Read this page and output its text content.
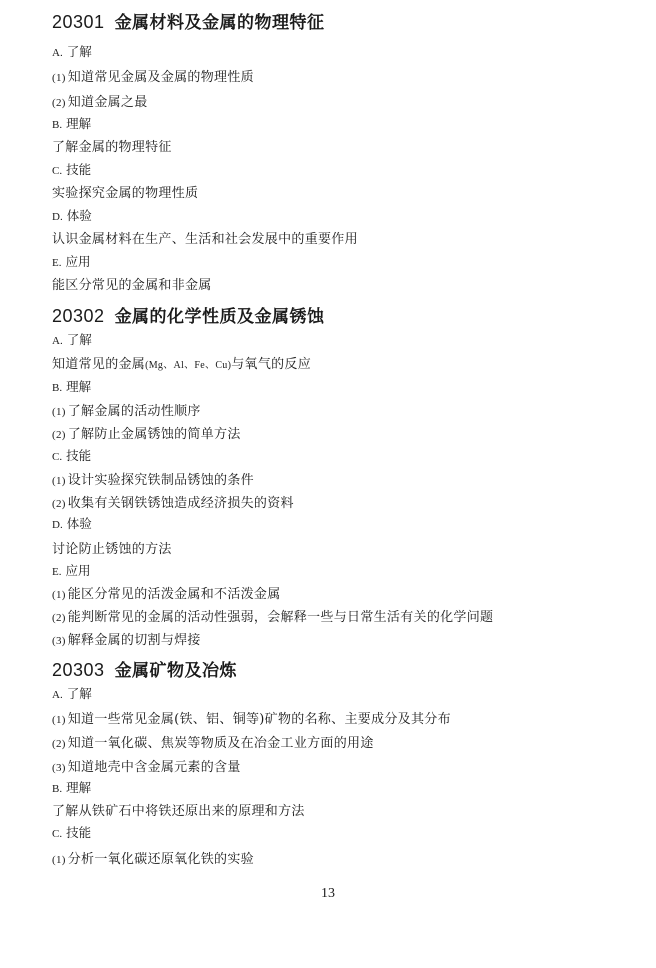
20301 金属材料及金属的物理特征
A. 了解
(1) 知道常见金属及金属的物理性质
(2) 知道金属之最
B. 理解
了解金属的物理特征
C. 技能
实验探究金属的物理性质
D. 体验
认识金属材料在生产、生活和社会发展中的重要作用
E. 应用
能区分常见的金属和非金属
20302 金属的化学性质及金属锈蚀
A. 了解
知道常见的金属(Mg、Al、Fe、Cu)与氧气的反应
B. 理解
(1) 了解金属的活动性顺序
(2) 了解防止金属锈蚀的简单方法
C. 技能
(1) 设计实验探究铁制品锈蚀的条件
(2) 收集有关钢铁锈蚀造成经济损失的资料
D. 体验
讨论防止锈蚀的方法
E. 应用
(1) 能区分常见的活泼金属和不活泼金属
(2) 能判断常见的金属的活动性强弱，会解释一些与日常生活有关的化学问题
(3) 解释金属的切割与焊接
20303 金属矿物及冶炼
A. 了解
(1) 知道一些常见金属(铁、铝、铜等)矿物的名称、主要成分及其分布
(2) 知道一氧化碳、焦炭等物质及在冶金工业方面的用途
(3) 知道地壳中含金属元素的含量
B. 理解
了解从铁矿石中将铁还原出来的原理和方法
C. 技能
(1) 分析一氧化碳还原氧化铁的实验
13
